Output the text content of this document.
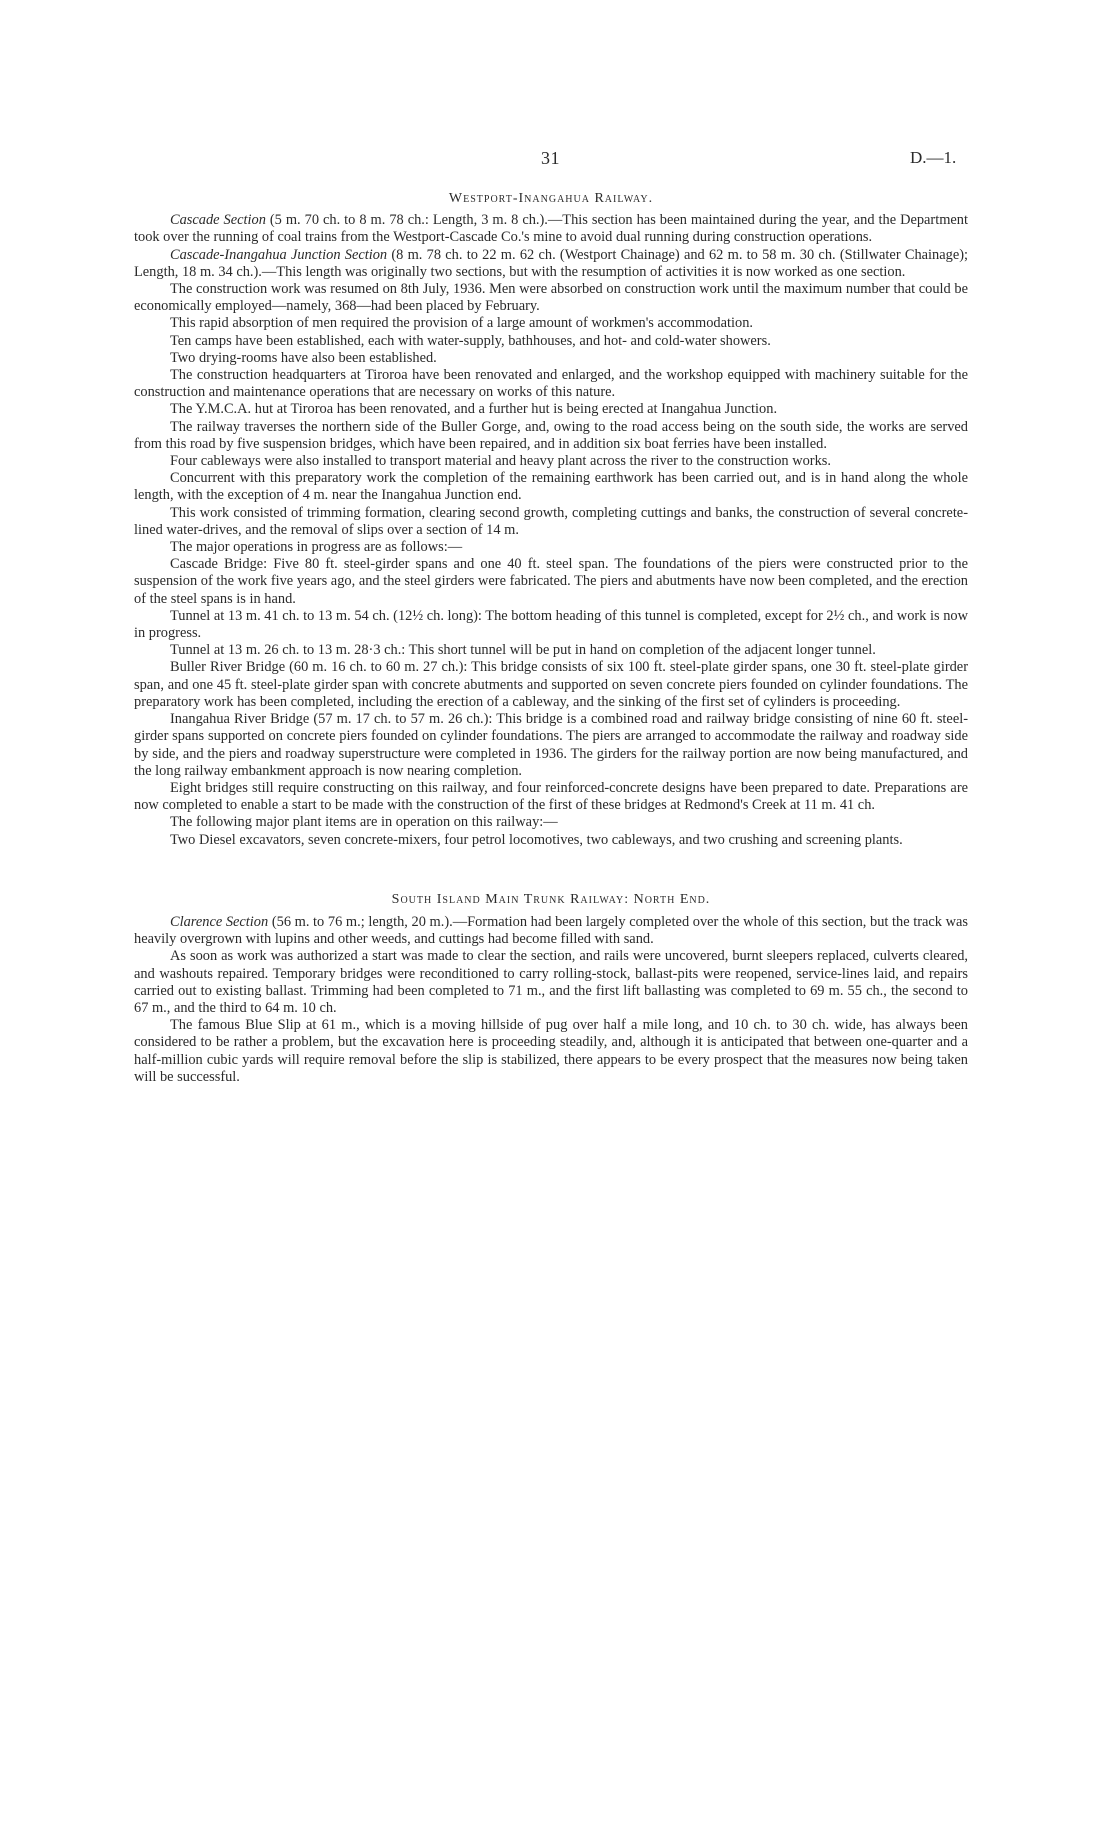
31	D.—1.
Westport-Inangahua Railway.

Cascade Section (5 m. 70 ch. to 8 m. 78 ch.: Length, 3 m. 8 ch.).—This section has been maintained during the year, and the Department took over the running of coal trains from the Westport-Cascade Co.'s mine to avoid dual running during construction operations.

Cascade-Inangahua Junction Section (8 m. 78 ch. to 22 m. 62 ch. (Westport Chainage) and 62 m. to 58 m. 30 ch. (Stillwater Chainage); Length, 18 m. 34 ch.).—This length was originally two sections, but with the resumption of activities it is now worked as one section.

The construction work was resumed on 8th July, 1936. Men were absorbed on construction work until the maximum number that could be economically employed—namely, 368—had been placed by February.

This rapid absorption of men required the provision of a large amount of workmen's accommodation.

Ten camps have been established, each with water-supply, bathhouses, and hot- and cold-water showers.

Two drying-rooms have also been established.

The construction headquarters at Tiroroa have been renovated and enlarged, and the workshop equipped with machinery suitable for the construction and maintenance operations that are necessary on works of this nature.

The Y.M.C.A. hut at Tiroroa has been renovated, and a further hut is being erected at Inangahua Junction.

The railway traverses the northern side of the Buller Gorge, and, owing to the road access being on the south side, the works are served from this road by five suspension bridges, which have been repaired, and in addition six boat ferries have been installed.

Four cableways were also installed to transport material and heavy plant across the river to the construction works.

Concurrent with this preparatory work the completion of the remaining earthwork has been carried out, and is in hand along the whole length, with the exception of 4 m. near the Inangahua Junction end.

This work consisted of trimming formation, clearing second growth, completing cuttings and banks, the construction of several concrete-lined water-drives, and the removal of slips over a section of 14 m.

The major operations in progress are as follows:—

Cascade Bridge: Five 80 ft. steel-girder spans and one 40 ft. steel span. The foundations of the piers were constructed prior to the suspension of the work five years ago, and the steel girders were fabricated. The piers and abutments have now been completed, and the erection of the steel spans is in hand.

Tunnel at 13 m. 41 ch. to 13 m. 54 ch. (12½ ch. long): The bottom heading of this tunnel is completed, except for 2½ ch., and work is now in progress.

Tunnel at 13 m. 26 ch. to 13 m. 28·3 ch.: This short tunnel will be put in hand on completion of the adjacent longer tunnel.

Buller River Bridge (60 m. 16 ch. to 60 m. 27 ch.): This bridge consists of six 100 ft. steel-plate girder spans, one 30 ft. steel-plate girder span, and one 45 ft. steel-plate girder span with concrete abutments and supported on seven concrete piers founded on cylinder foundations. The preparatory work has been completed, including the erection of a cableway, and the sinking of the first set of cylinders is proceeding.

Inangahua River Bridge (57 m. 17 ch. to 57 m. 26 ch.): This bridge is a combined road and railway bridge consisting of nine 60 ft. steel-girder spans supported on concrete piers founded on cylinder foundations. The piers are arranged to accommodate the railway and roadway side by side, and the piers and roadway superstructure were completed in 1936. The girders for the railway portion are now being manufactured, and the long railway embankment approach is now nearing completion.

Eight bridges still require constructing on this railway, and four reinforced-concrete designs have been prepared to date. Preparations are now completed to enable a start to be made with the construction of the first of these bridges at Redmond's Creek at 11 m. 41 ch.

The following major plant items are in operation on this railway:—

Two Diesel excavators, seven concrete-mixers, four petrol locomotives, two cableways, and two crushing and screening plants.

South Island Main Trunk Railway: North End.

Clarence Section (56 m. to 76 m.; length, 20 m.).—Formation had been largely completed over the whole of this section, but the track was heavily overgrown with lupins and other weeds, and cuttings had become filled with sand.

As soon as work was authorized a start was made to clear the section, and rails were uncovered, burnt sleepers replaced, culverts cleared, and washouts repaired. Temporary bridges were reconditioned to carry rolling-stock, ballast-pits were reopened, service-lines laid, and repairs carried out to existing ballast. Trimming had been completed to 71 m., and the first lift ballasting was completed to 69 m. 55 ch., the second to 67 m., and the third to 64 m. 10 ch.

The famous Blue Slip at 61 m., which is a moving hillside of pug over half a mile long, and 10 ch. to 30 ch. wide, has always been considered to be rather a problem, but the excavation here is proceeding steadily, and, although it is anticipated that between one-quarter and a half-million cubic yards will require removal before the slip is stabilized, there appears to be every prospect that the measures now being taken will be successful.
